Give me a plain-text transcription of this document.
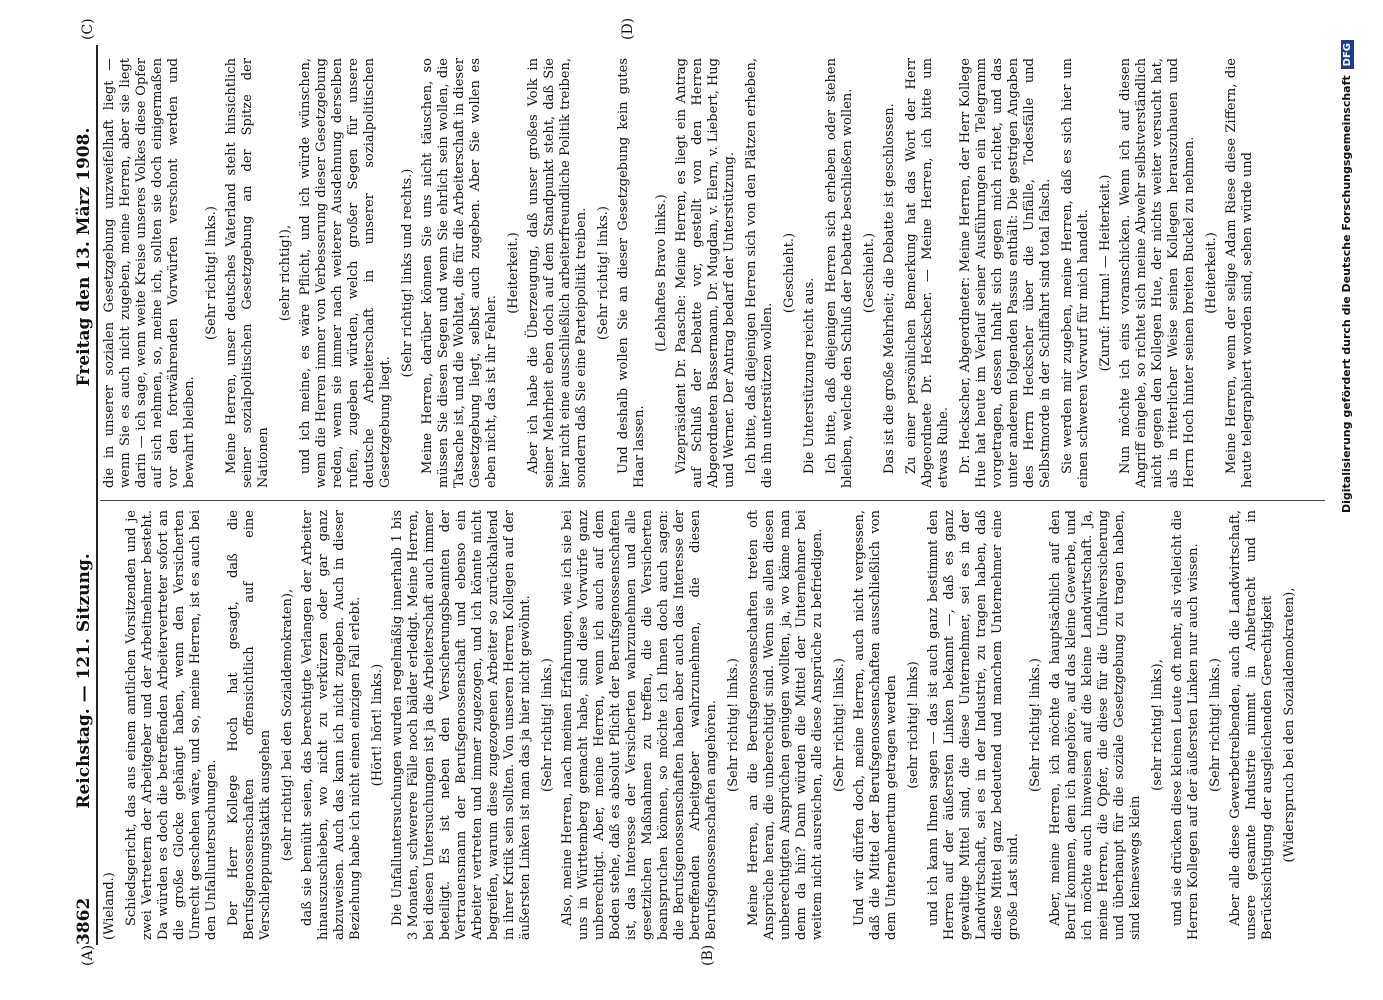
3862
Reichstag. — 121. Sitzung.
Freitag den 13. März 1908.
(A)	(B)
(C)	(D)

(Wieland.) Schiedsgericht, das aus einem amtlichen Vorsitzenden und je zwei Vertretern der Arbeitgeber und der Arbeitnehmer besteht. Da würden es doch die betreffenden Arbeitervertreter sofort an die große Glocke gehängt haben, wenn den Versicherten Unrecht geschehen wäre, und so, meine Herren, ist es auch bei den Unfalluntersuchungen. Der Herr Kollege Hoch hat gesagt, daß die Berufsgenossenschaften offensichtlich auf eine Verschleppungstaktik ausgehen (sehr richtig! bei den Sozialdemokraten), daß sie bemüht seien, das berechtigte Verlangen der Arbeiter hinauszuschieben, wo nicht zu verkürzen oder gar ganz abzuweisen. Auch das kann ich nicht zugeben. Auch in dieser Beziehung habe ich nicht einen einzigen Fall erlebt. (Hört! hört! links.) Die Unfalluntersuchungen wurden regelmäßig innerhalb 1 bis 3 Monaten, schwerere Fälle noch bälder erledigt. Meine Herren, bei diesen Untersuchungen ist ja die Arbeiterschaft auch immer beteiligt. Es ist neben den Versicherungsbeamten der Vertrauensmann der Berufsgenossenschaft und ebenso ein Arbeiter vertreten und immer zugezogen, und ich könnte nicht begreifen, warum diese zugezogenen Arbeiter so zurückhaltend in ihrer Kritik sein sollten. Von unseren Herren Kollegen auf der äußersten Linken ist man das ja hier nicht gewöhnt. (Sehr richtig! links.) Also, meine Herren, nach meinen Erfahrungen, wie ich sie bei uns in Württemberg gemacht habe, sind diese Vorwürfe ganz unberechtigt. Aber, meine Herren, wenn ich auch auf dem Boden stehe, daß es absolut Pflicht der Berufsgenossenschaften ist, das Interesse der Versicherten wahrzunehmen und alle gesetzlichen Maßnahmen zu treffen, die die Versicherten beanspruchen können, so möchte ich Ihnen doch auch sagen: die Berufsgenossenschaften haben aber auch das Interesse der betreffenden Arbeitgeber wahrzunehmen, die diesen Berufsgenossenschaften angehören. (Sehr richtig! links.) Meine Herren, an die Berufsgenossenschaften treten oft Ansprüche heran, die unberechtigt sind. Wenn sie allen diesen unberechtigten Ansprüchen genügen wollten, ja, wo käme man denn da hin? Dann würden die Mittel der Unternehmer bei weitem nicht ausreichen, alle diese Ansprüche zu befriedigen. (Sehr richtig! links.) Und wir dürfen doch, meine Herren, auch nicht vergessen, daß die Mittel der Berufsgenossenschaften ausschließlich von dem Unternehmertum getragen werden (sehr richtig! links) und ich kann Ihnen sagen — das ist auch ganz bestimmt den Herren auf der äußersten Linken bekannt —, daß es ganz gewaltige Mittel sind, die diese Unternehmer, sei es in der Landwirtschaft, sei es in der Industrie, zu tragen haben, daß diese Mittel ganz bedeutend und manchem Unternehmer eine große Last sind.

(Sehr richtig! links.) Aber, meine Herren, ich möchte da hauptsächlich auf den Beruf kommen, dem ich angehöre, auf das kleine Gewerbe, und ich möchte auch hinweisen auf die kleine Landwirtschaft. Ja, meine Herren, die Opfer, die diese für die Unfallversicherung und überhaupt für die soziale Gesetzgebung zu tragen haben, sind keineswegs klein

(sehr richtig! links), und sie drücken diese kleinen Leute oft mehr, als vielleicht die Herren Kollegen auf der äußersten Linken nur auch wissen. (Sehr richtig! links.) Aber alle diese Gewerbetreibenden, auch die Landwirtschaft, unsere gesamte Industrie nimmt in Anbetracht und in Berücksichtigung der ausgleichenden Gerechtigkeit (Widerspruch bei den Sozialdemokraten),

die in unserer sozialen Gesetzgebung unzweifelhaft liegt — wenn Sie es auch nicht zugeben, meine Herren, aber sie liegt darin — ich sage, wenn weite Kreise unseres Volkes diese Opfer auf sich nehmen, so, meine ich, sollten sie doch einigermaßen vor den fortwährenden Vorwürfen verschont werden und bewahrt bleiben.

(Sehr richtig! links.) Meine Herren, unser deutsches Vaterland steht hinsichtlich seiner sozialpolitischen Gesetzgebung an der Spitze der Nationen

(sehr richtig!), und ich meine, es wäre Pflicht, und ich würde wünschen, wenn die Herren immer von Verbesserung dieser Gesetzgebung reden, wenn sie immer nach weiterer Ausdehnung derselben rufen, zugeben würden, welch großer Segen für unsere deutsche Arbeiterschaft in unserer sozialpolitischen Gesetzgebung liegt.

(Sehr richtig! links und rechts.) Meine Herren, darüber können Sie uns nicht täuschen, so müssen Sie diesen Segen und wenn Sie ehrlich sein wollen, die Tatsache ist, und die Wohltat, die für die Arbeiterschaft in dieser Gesetzgebung liegt, selbst auch zugeben. Aber Sie wollen es eben nicht, das ist ihr Fehler.

(Heiterkeit.) Aber ich habe die Überzeugung, daß unser großes Volk in seiner Mehrheit eben doch auf dem Standpunkt steht, daß Sie hier nicht eine ausschließlich arbeiterfreundliche Politik treiben, sondern daß Sie eine Parteipolitik treiben. (Sehr richtig! links.) Und deshalb wollen Sie an dieser Gesetzgebung kein gutes Haar lassen.

(Lebhaftes Bravo links.) Vizepräsident Dr. Paasche: Meine Herren, es liegt ein Antrag auf Schluß der Debatte vor, gestellt von den Herren Abgeordneten Bassermann, Dr. Mugdan, v. Elern, v. Liebert, Hug und Werner. Der Antrag bedarf der Unterstützung. Ich bitte, daß diejenigen Herren sich von den Plätzen erheben, die ihn unterstützen wollen.

(Geschieht.)

Die Unterstützung reicht aus. Ich bitte, daß diejenigen Herren sich erheben oder stehen bleiben, welche den Schluß der Debatte beschließen wollen. (Geschieht.) Das ist die große Mehrheit; die Debatte ist geschlossen. Zu einer persönlichen Bemerkung hat das Wort der Herr Abgeordnete Dr. Heckscher. — Meine Herren, ich bitte um etwas Ruhe. Dr. Heckscher, Abgeordneter: Meine Herren, der Herr Kollege Hue hat heute im Verlauf seiner Ausführungen ein Telegramm vorgetragen, dessen Inhalt sich gegen mich richtet, und das unter anderem folgenden Passus enthält: Die gestrigen Angaben des Herrn Heckscher über die Unfälle, Todesfälle und Selbstmorde in der Schiffahrt sind total falsch. Sie werden mir zugeben, meine Herren, daß es sich hier um einen schweren Vorwurf für mich handelt. (Zuruf: Irrtum! — Heiterkeit.) Nun möchte ich eins voranschicken. Wenn ich auf diesen Angriff eingehe, so richtet sich meine Abwehr selbstverständlich nicht gegen den Kollegen Hue, der nichts weiter versucht hat, als in ritterlicher Weise seinen Kollegen herauszuhauen und Herrn Hoch hinter seinen breiten Buckel zu nehmen. (Heiterkeit.) Meine Herren, wenn der selige Adam Riese diese Ziffern, die heute telegraphiert worden sind, sehen würde und	Digitalisierung gefördert durch die Deutsche ForschungsgemeinschaftDFG
